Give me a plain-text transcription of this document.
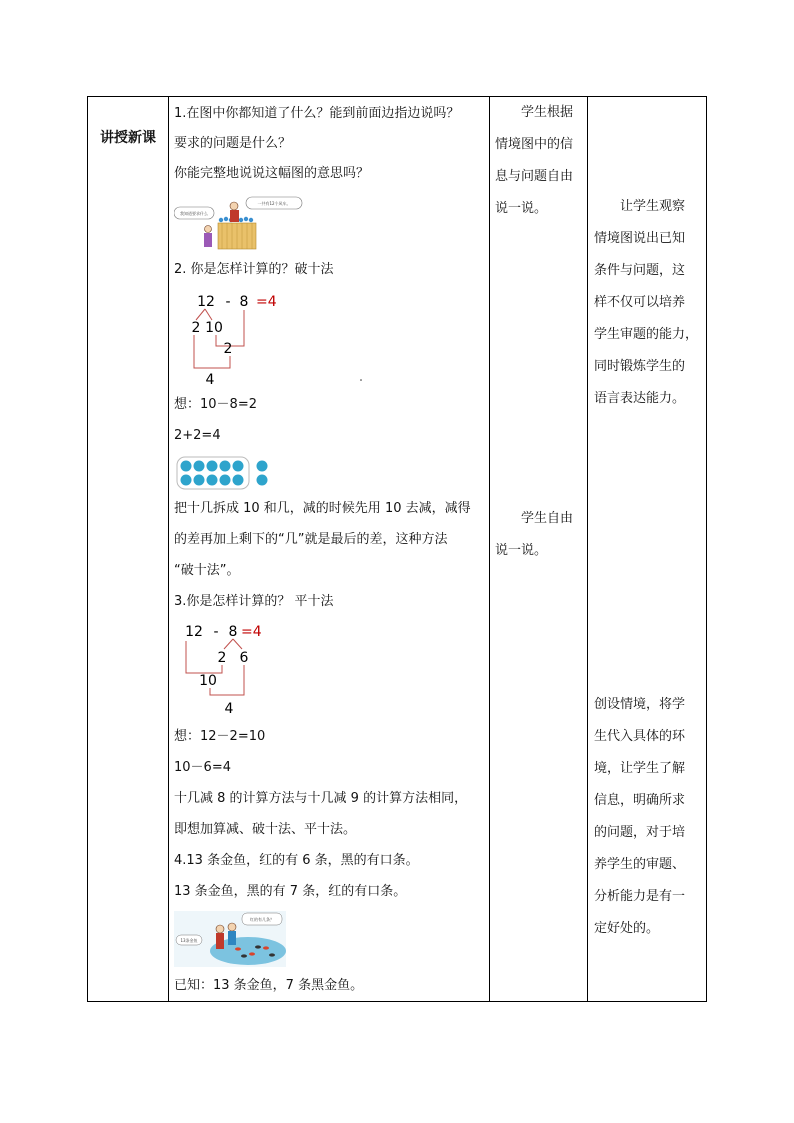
讲授新课
1.在图中你都知道了什么？能到前面边指边说吗？
要求的问题是什么？
你能完整地说说这幅图的意思吗？
我知道要求什么
一共有12个风车。
2. 你是怎样计算的？破十法
12 - 8 =4
2 10
2
4
想：10－8=2
2+2=4
把十几拆成 10 和几，减的时候先用 10 去减，减得
的差再加上剩下的“几”就是最后的差，这种方法
“破十法”。
3.你是怎样计算的？ 平十法
12 - 8 =4
2 6
10
4
想：12－2=10
10－6=4
十几减 8 的计算方法与十几减 9 的计算方法相同，
即想加算减、破十法、平十法。
4.13 条金鱼，红的有 6 条，黑的有口条。
13 条金鱼，黑的有 7 条，红的有口条。
13条金鱼
红的有几条？
已知：13 条金鱼，7 条黑金鱼。
学生根据
情境图中的信
息与问题自由
说一说。
学生自由
说一说。
让学生观察
情境图说出已知
条件与问题，这
样不仅可以培养
学生审题的能力，
同时锻炼学生的
语言表达能力。
创设情境，将学
生代入具体的环
境，让学生了解
信息，明确所求
的问题，对于培
养学生的审题、
分析能力是有一
定好处的。
